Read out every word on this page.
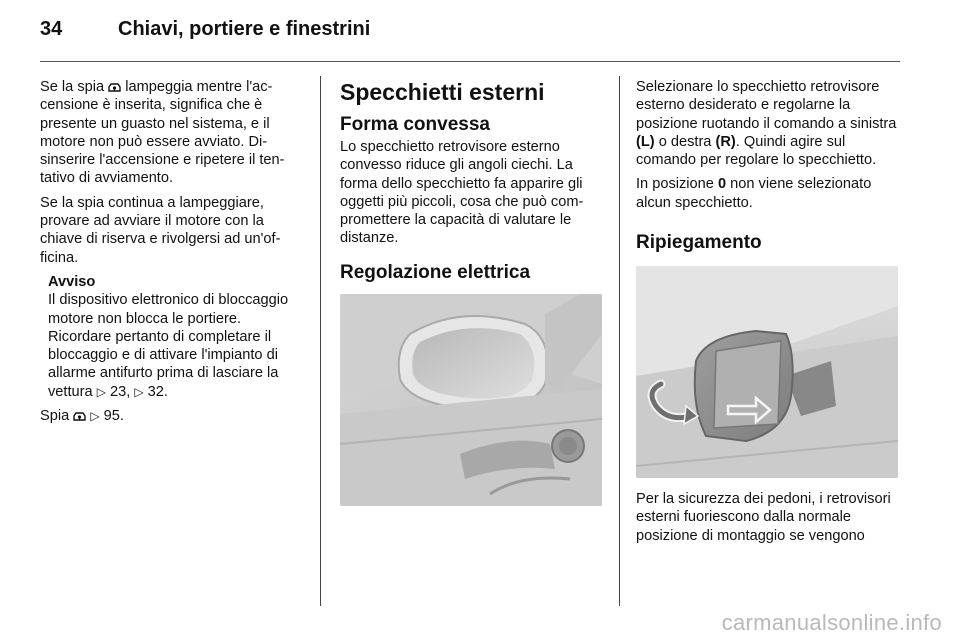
34	Chiavi, portiere e finestrini

Se la spia  lampeggia mentre l'accensione è inserita, significa che è presente un guasto nel sistema, e il motore non può essere avviato. Disinserire l'accensione e ripetere il tentativo di avviamento.

Se la spia continua a lampeggiare, provare ad avviare il motore con la chiave di riserva e rivolgersi ad un'officina.

Avviso
Il dispositivo elettronico di bloccaggio motore non blocca le portiere. Ricordare pertanto di completare il bloccaggio e di attivare l'impianto di allarme antifurto prima di lasciare la vettura ▷ 23, ▷ 32.

Spia  ▷ 95.

Specchietti esterni
Forma convessa

Lo specchietto retrovisore esterno convesso riduce gli angoli ciechi. La forma dello specchietto fa apparire gli oggetti più piccoli, cosa che può compromettere la capacità di valutare le distanze.

Regolazione elettrica

Selezionare lo specchietto retrovisore esterno desiderato e regolarne la posizione ruotando il comando a sinistra (L) o destra (R). Quindi agire sul comando per regolare lo specchietto.

In posizione 0 non viene selezionato alcun specchietto.

Ripiegamento

Per la sicurezza dei pedoni, i retrovisori esterni fuoriescono dalla normale posizione di montaggio se vengono

carmanualsonline.info
